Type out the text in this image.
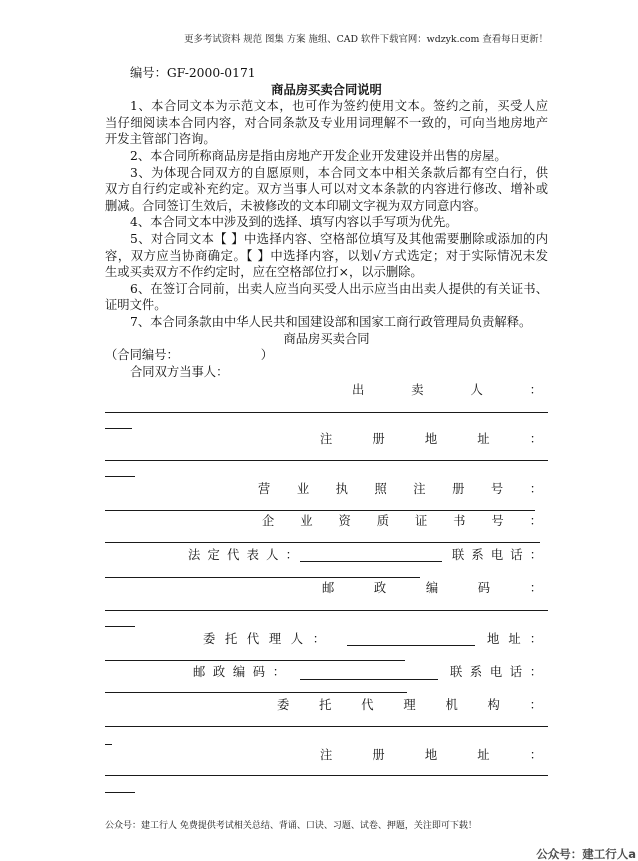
更多考试资料 规范 图集 方案 施组、CAD 软件下载官网：wdzyk.com 查看每日更新！
编号：GF-2000-0171
商品房买卖合同说明
1、本合同文本为示范文本，也可作为签约使用文本。签约之前，买受人应
当仔细阅读本合同内容，对合同条款及专业用词理解不一致的，可向当地房地产
开发主管部门咨询。
2、本合同所称商品房是指由房地产开发企业开发建设并出售的房屋。
3、为体现合同双方的自愿原则，本合同文本中相关条款后都有空白行，供
双方自行约定或补充约定。双方当事人可以对文本条款的内容进行修改、增补或
删减。合同签订生效后，未被修改的文本印刷文字视为双方同意内容。
4、本合同文本中涉及到的选择、填写内容以手写项为优先。
5、对合同文本【 】中选择内容、空格部位填写及其他需要删除或添加的内
容，双方应当协商确定。【 】中选择内容，以划√方式选定；对于实际情况未发
生或买卖双方不作约定时，应在空格部位打×，以示删除。
6、在签订合同前，出卖人应当向买受人出示应当由出卖人提供的有关证书、
证明文件。
7、本合同条款由中华人民共和国建设部和国家工商行政管理局负责解释。
商品房买卖合同
（合同编号：	）
合同双方当事人：
出	卖	人	：
注	册	地	址	：
营 业 执 照 注 册 号 ：
企 业 资 质 证 书 号 ：
法 定 代 表 人 ：	联 系 电 话 ：
邮	政	编	码	：
委 托 代 理 人 ：	地 址 ：
邮 政 编 码 ：	联 系 电 话 ：
委 托 代 理 机 构 ：
注	册	地	址	：
公众号：建工行人 免费提供考试相关总结、背诵、口诀、习题、试卷、押题，关注即可下载！
公众号：建工行人a
